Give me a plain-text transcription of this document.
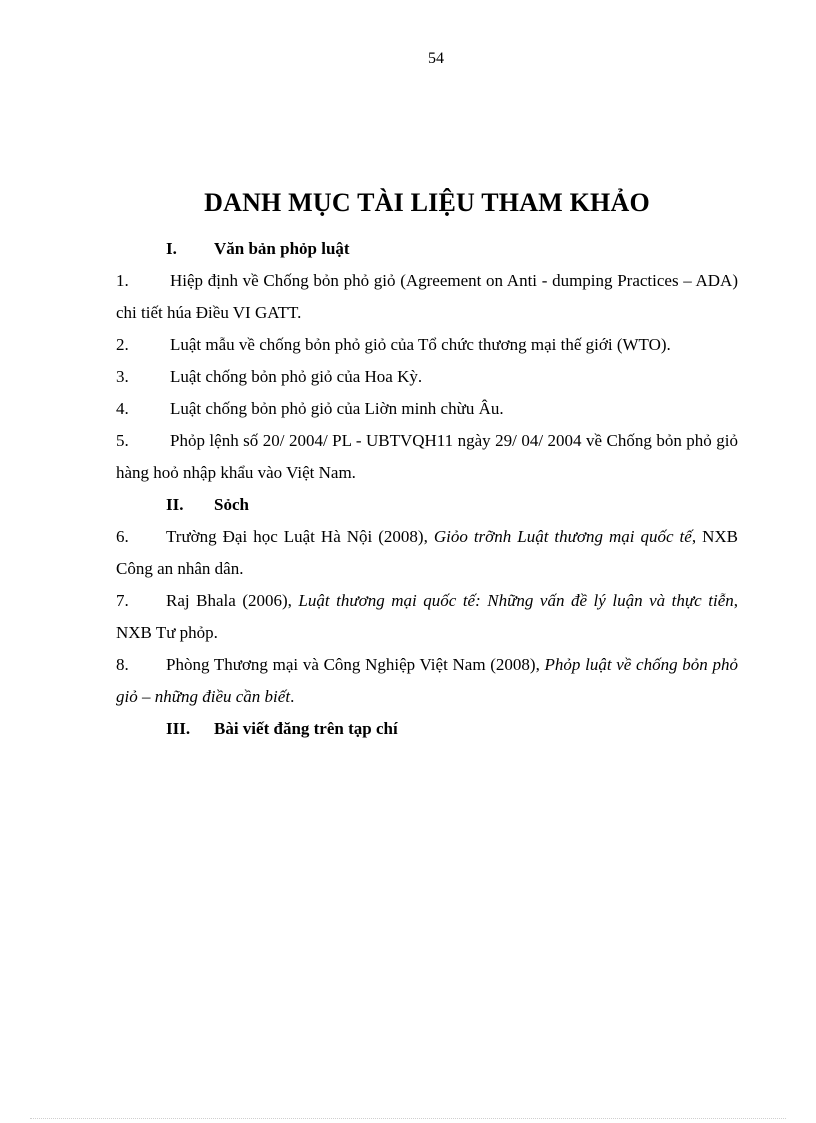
54
DANH MỤC TÀI LIỆU THAM KHẢO
I. Văn bản phỏp luật
1. Hiệp định về Chống bỏn phỏ giỏ (Agreement on Anti - dumping Practices – ADA) chi tiết húa Điều VI GATT.
2. Luật mẫu về chống bỏn phỏ giỏ của Tổ chức thương mại thế giới (WTO).
3. Luật chống bỏn phỏ giỏ của Hoa Kỳ.
4. Luật chống bỏn phỏ giỏ của Liờn minh chừu Âu.
5. Phỏp lệnh số 20/ 2004/ PL - UBTVQH11 ngày 29/ 04/ 2004 về Chống bỏn phỏ giỏ hàng hoỏ nhập khẩu vào Việt Nam.
II. Sỏch
6. Trường Đại học Luật Hà Nội (2008), Giỏo trỡnh Luật thương mại quốc tế, NXB Công an nhân dân.
7. Raj Bhala (2006), Luật thương mại quốc tế: Những vấn đề lý luận và thực tiễn, NXB Tư phỏp.
8. Phòng Thương mại và Công Nghiệp Việt Nam (2008), Phỏp luật về chống bỏn phỏ giỏ – những điều cần biết.
III. Bài viết đăng trên tạp chí
